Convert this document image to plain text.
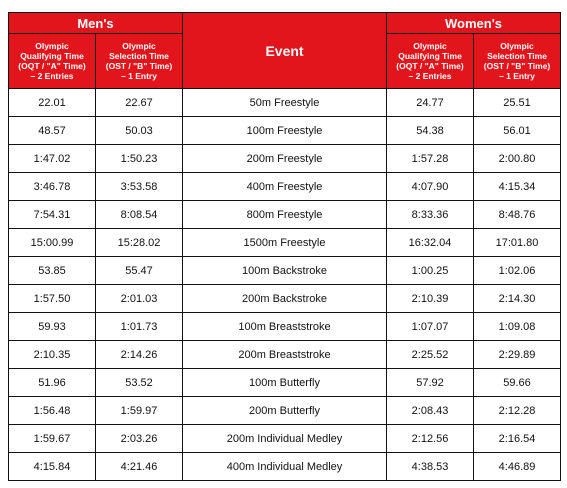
Men's		Event	Women's	

Olympic
Qualifying Time
(OQT / "A" Time)
– 2 Entries	Olympic
Selection Time
(OST / "B" Time)
– 1 Entry		Olympic
Qualifying Time
(OQT / "A" Time)
– 2 Entries	Olympic
Selection Time
(OST / "B" Time)
– 1 Entry

22.01	22.67	50m Freestyle	24.77	25.51
48.57	50.03	100m Freestyle	54.38	56.01
1:47.02	1:50.23	200m Freestyle	1:57.28	2:00.80
3:46.78	3:53.58	400m Freestyle	4:07.90	4:15.34
7:54.31	8:08.54	800m Freestyle	8:33.36	8:48.76
15:00.99	15:28.02	1500m Freestyle	16:32.04	17:01.80
53.85	55.47	100m Backstroke	1:00.25	1:02.06
1:57.50	2:01.03	200m Backstroke	2:10.39	2:14.30
59.93	1:01.73	100m Breaststroke	1:07.07	1:09.08
2:10.35	2:14.26	200m Breaststroke	2:25.52	2:29.89
51.96	53.52	100m Butterfly	57.92	59.66
1:56.48	1:59.97	200m Butterfly	2:08.43	2:12.28
1:59.67	2:03.26	200m Individual Medley	2:12.56	2:16.54
4:15.84	4:21.46	400m Individual Medley	4:38.53	4:46.89
